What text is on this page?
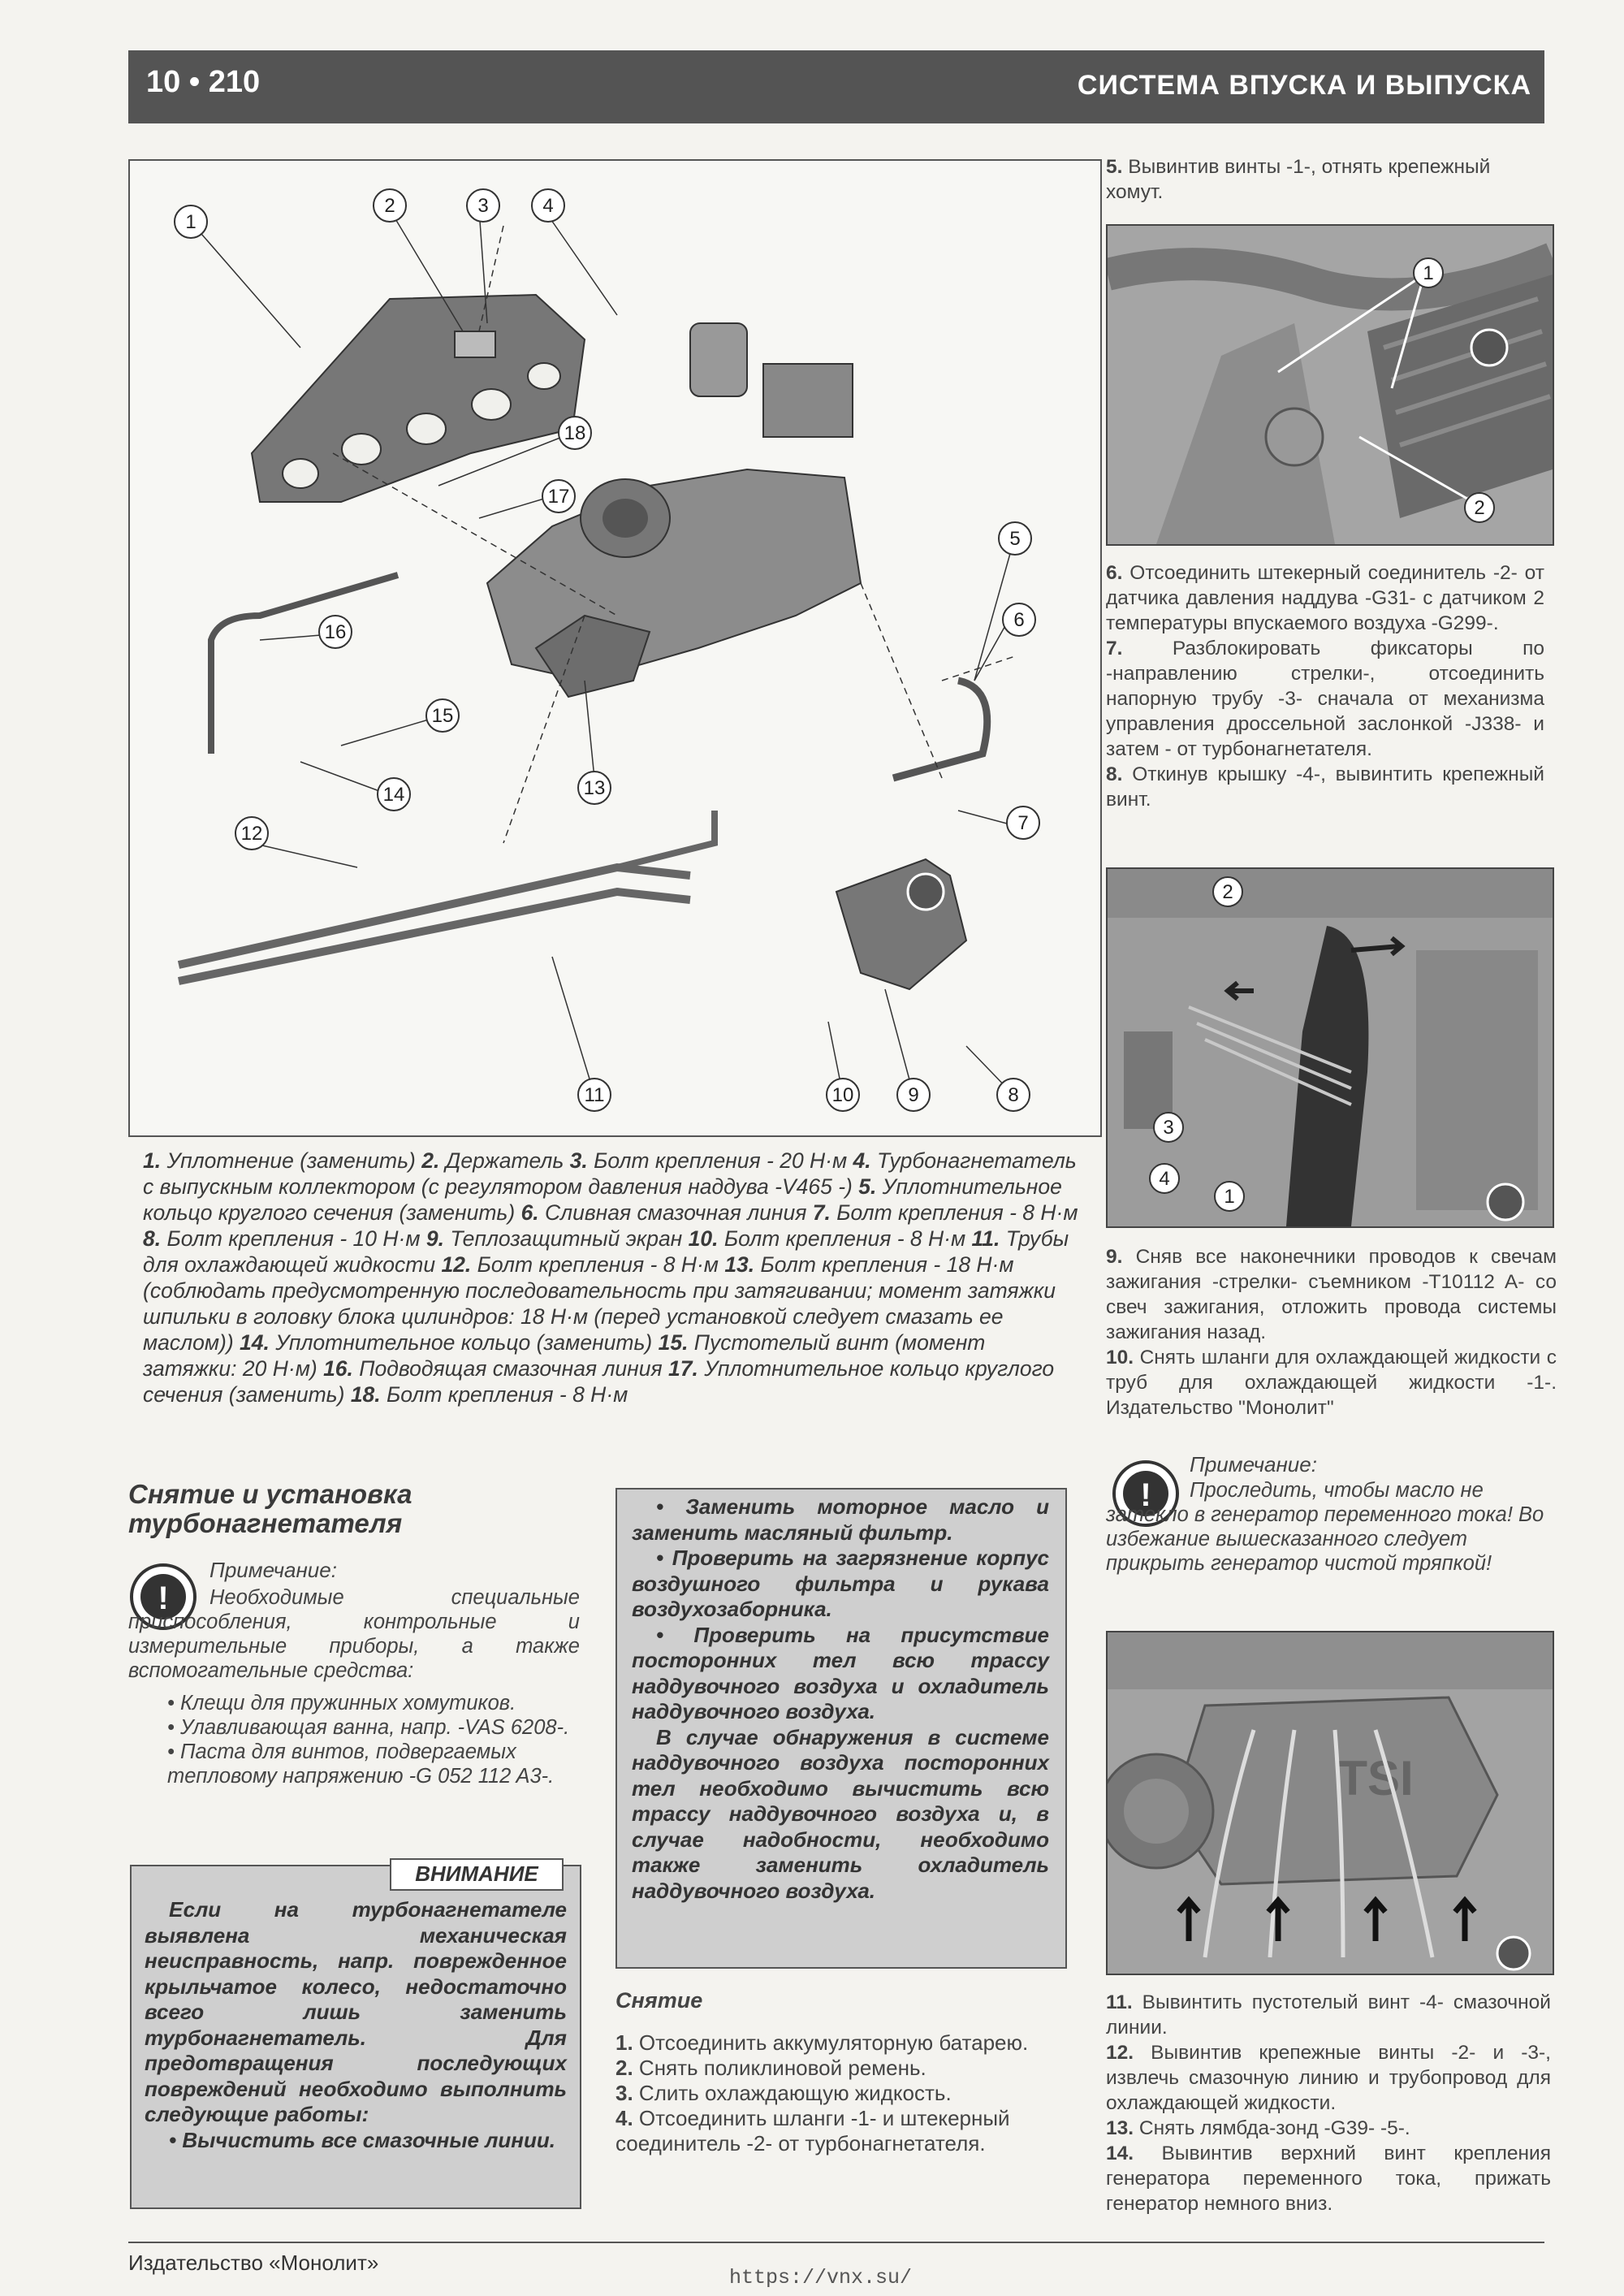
10 • 210	СИСТЕМА ВПУСКА И ВЫПУСКА
1
2	3	4
5
6
7
8
9
10
11
12
13
14
15
16
17
18

1. Уплотнение (заменить) 2. Держатель 3. Болт крепления - 20 Н·м 4. Турбонагнетатель с выпускным коллектором (с регулятором давления наддува -V465 -) 5. Уплотнительное кольцо круглого сечения (заменить) 6. Сливная смазочная линия 7. Болт крепления - 8 Н·м 8. Болт крепления - 10 Н·м 9. Теплозащитный экран 10. Болт крепления - 8 Н·м 11. Трубы для охлаждающей жидкости 12. Болт крепления - 8 Н·м 13. Болт крепления - 18 Н·м (соблюдать предусмотренную последовательность при затягивании; момент затяжки шпильки в головку блока цилиндров: 18 Н·м (перед установкой следует смазать ее маслом)) 14. Уплотнительное кольцо (заменить) 15. Пустотелый винт (момент затяжки: 20 Н·м) 16. Подводящая смазочная линия 17. Уплотнительное кольцо круглого сечения (заменить) 18. Болт крепления - 8 Н·м

5. Вывинтив винты -1-, отнять крепежный хомут.
1
2

6. Отсоединить штекерный соединитель -2- от датчика давления наддува -G31- с датчиком 2 температуры впускаемого воздуха -G299-.

7. Разблокировать фиксаторы по -направлению стрелки-, отсоединить напорную трубу -3- сначала от механизма управления дроссельной заслонкой -J338- и затем - от турбонагнетателя.

8. Откинув крышку -4-, вывинтить крепежный винт.

2
1
3
4

9. Сняв все наконечники проводов к свечам зажигания -стрелки- съемником -T10112 A- со свеч зажигания, отложить провода системы зажигания назад.

10. Снять шланги для охлаждающей жидкости с труб для охлаждающей жидкости -1-. Издательство "Монолит"

!
Примечание:
Проследить, чтобы масло не затекло в генератор переменного тока! Во избежание вышесказанного следует прикрыть генератор чистой тряпкой!
TSI

11. Вывинтить пустотелый винт -4- смазочной линии.

12. Вывинтив крепежные винты -2- и -3-, извлечь смазочную линию и трубопровод для охлаждающей жидкости.

13. Снять лямбда-зонд -G39- -5-.

14. Вывинтив верхний винт крепления генератора переменного тока, прижать генератор немного вниз.

Снятие и установка турбонагнетателя
!
Примечание:
Необходимые специальные приспособления, контрольные и измерительные приборы, а также вспомогательные средства:

• Клещи для пружинных хомутиков.

• Улавливающая ванна, напр. -VAS 6208-.

• Паста для винтов, подвергаемых тепловому напряжению -G 052 112 A3-.

ВНИМАНИЕ

Если на турбонагнетателе выявлена механическая неисправность, напр. поврежденное крыльчатое колесо, недостаточно всего лишь заменить турбонагнетатель. Для предотвращения последующих повреждений необходимо выполнить следующие работы:

• Вычистить все смазочные линии.

• Заменить моторное масло и заменить масляный фильтр.

• Проверить на загрязнение корпус воздушного фильтра и рукава воздухозаборника.

• Проверить на присутствие посторонних тел всю трассу наддувочного воздуха и охладитель наддувочного воздуха.

В случае обнаружения в системе наддувочного воздуха посторонних тел необходимо вычистить всю трассу наддувочного воздуха и, в случае надобности, необходимо также заменить охладитель наддувочного воздуха.

Снятие

1. Отсоединить аккумуляторную батарею.

2. Снять поликлиновой ремень.

3. Слить охлаждающую жидкость.

4. Отсоединить шланги -1- и штекерный соединитель -2- от турбонагнетателя.

Издательство «Монолит»
https://vnx.su/
